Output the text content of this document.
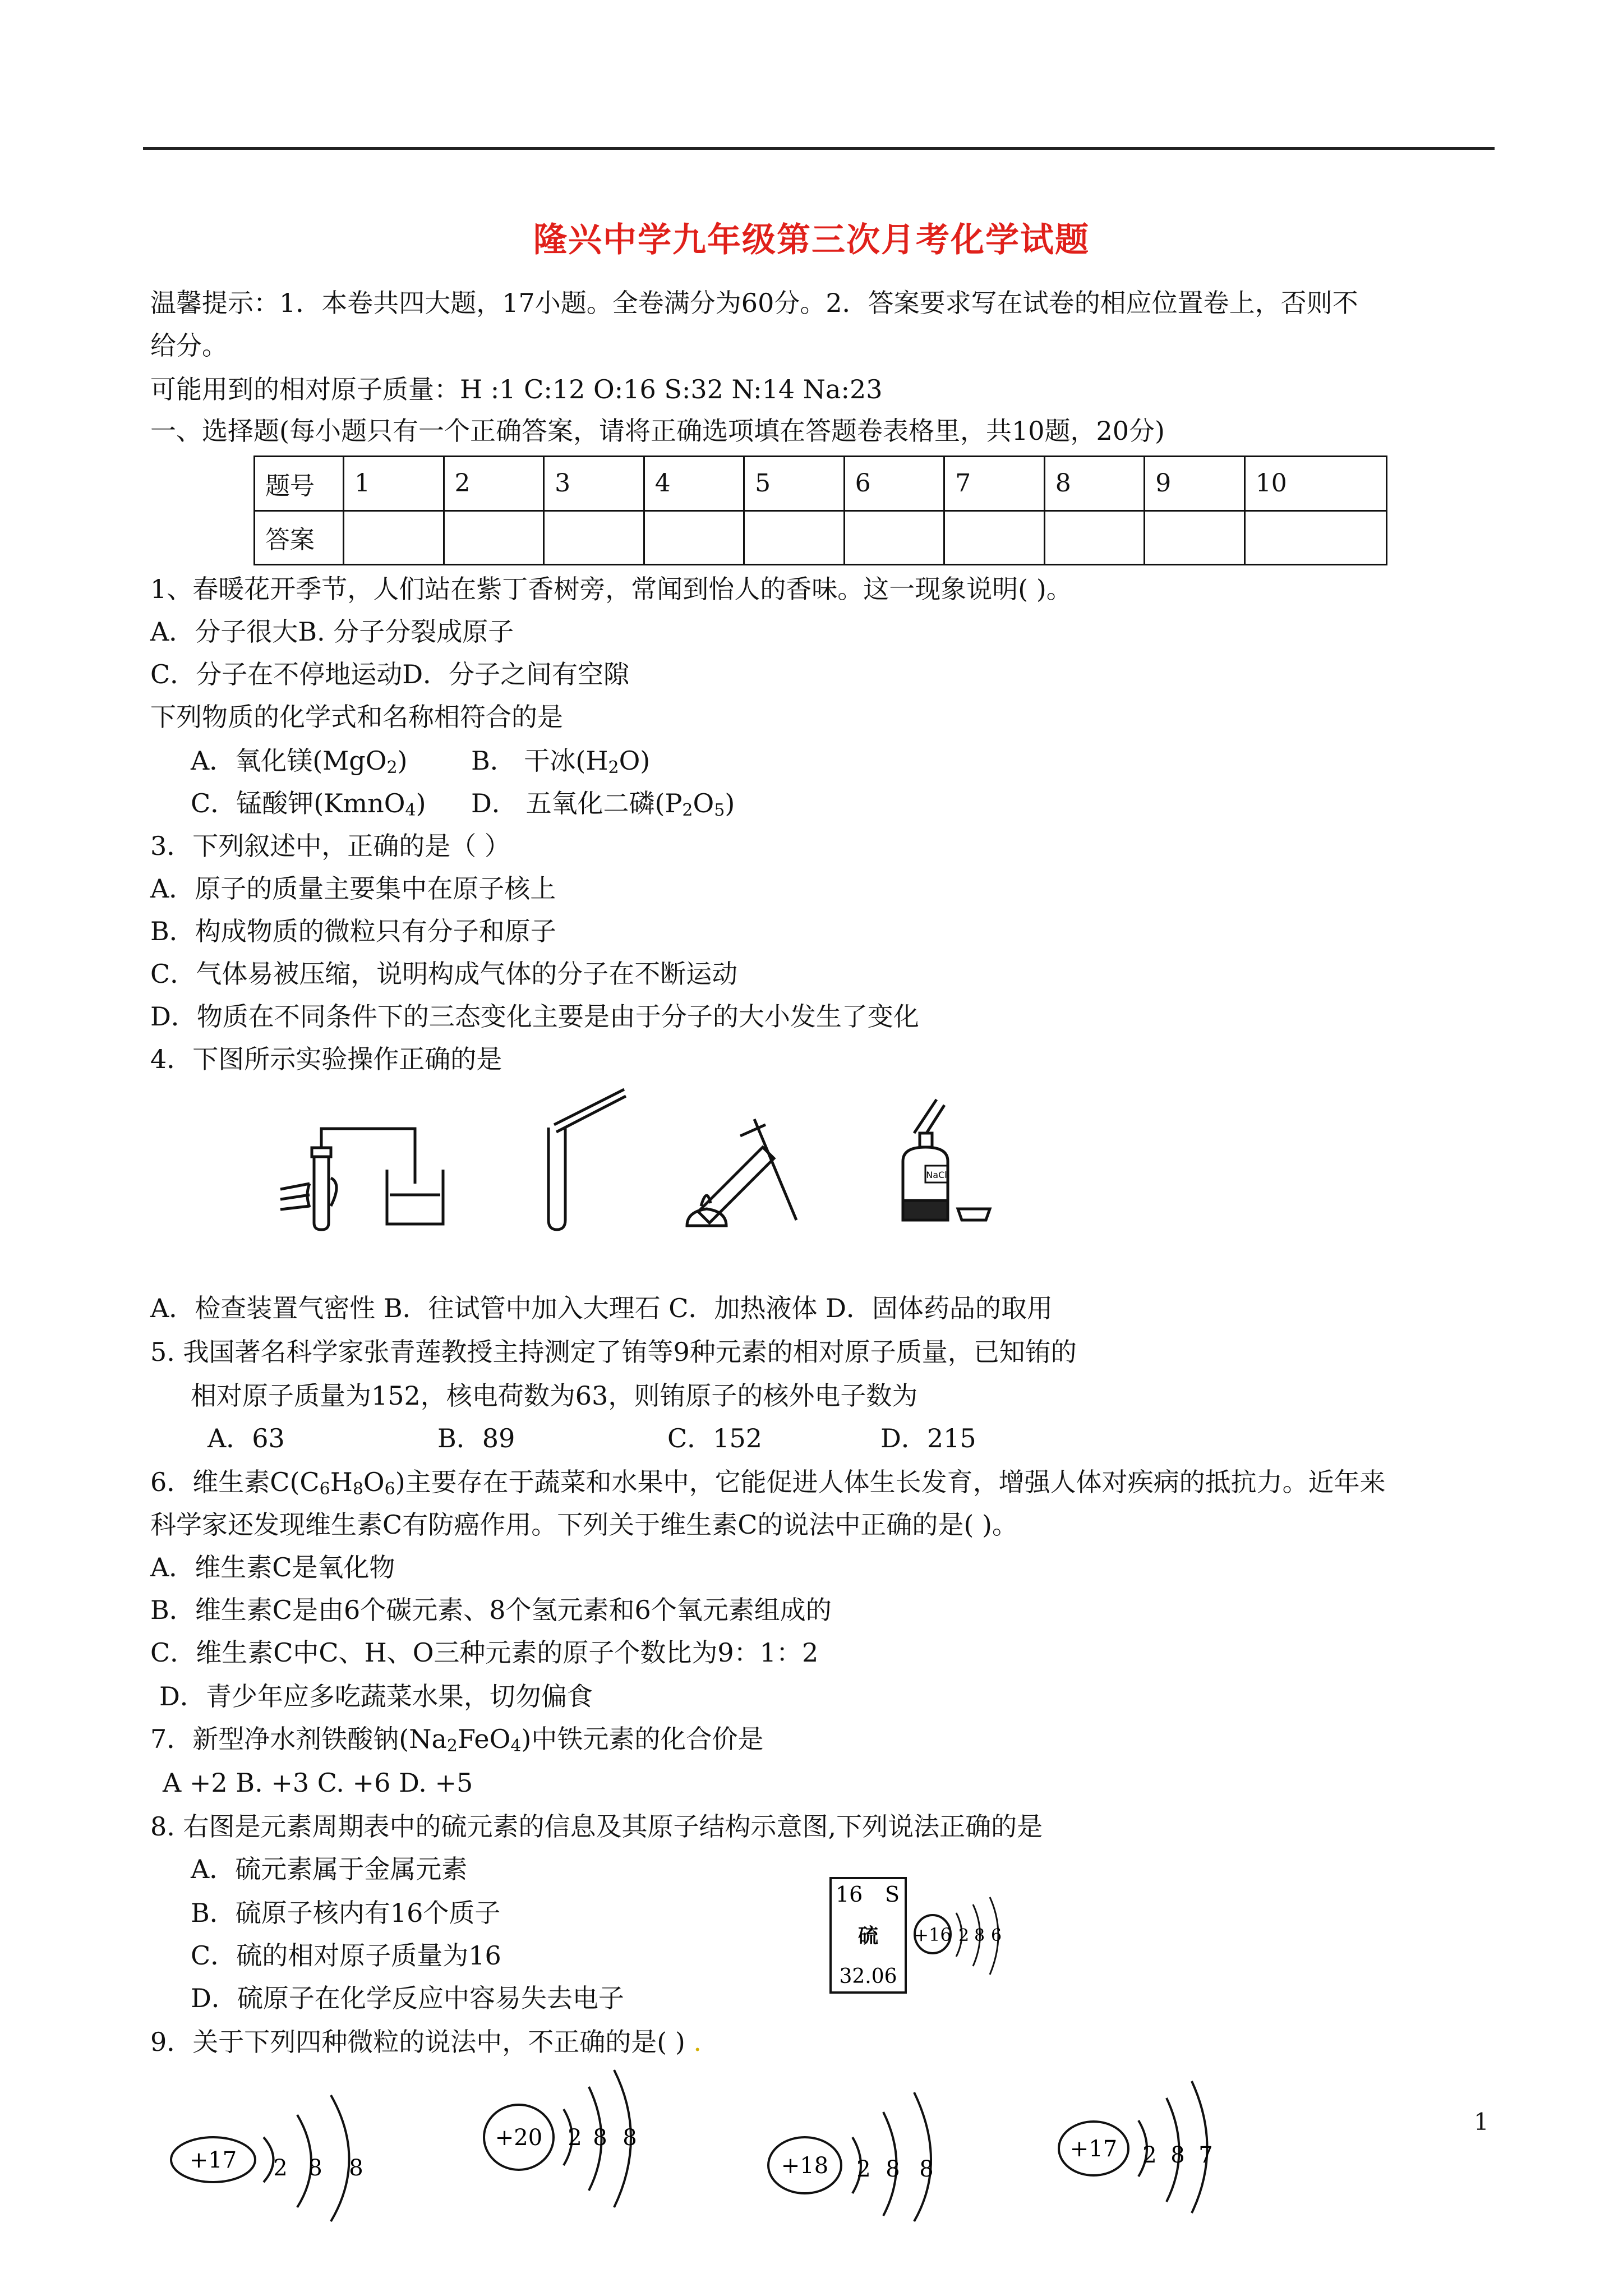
隆兴中学九年级第三次月考化学试题
温馨提示：1．本卷共四大题，17小题。全卷满分为60分。2．答案要求写在试卷的相应位置卷上，否则不
给分。
可能用到的相对原子质量：H :1 C:12 O:16 S:32 N:14 Na:23
一、选择题(每小题只有一个正确答案，请将正确选项填在答题卷表格里，共10题，20分)
题号	1	2	3	4	5	6	7	8	9	10
答案										
1、春暖花开季节，人们站在紫丁香树旁，常闻到怡人的香味。这一现象说明( )。
A．分子很大B. 分子分裂成原子
C．分子在不停地运动D．分子之间有空隙
下列物质的化学式和名称相符合的是
A．氧化镁(MgO$_2$) B． 干冰$(H_2O)$
C．锰酸钾(KmnO$_4$) D． 五氧化二磷$(P_2O_5)$
3．下列叙述中，正确的是（ ）
A．原子的质量主要集中在原子核上
B．构成物质的微粒只有分子和原子
C．气体易被压缩，说明构成气体的分子在不断运动
D．物质在不同条件下的三态变化主要是由于分子的大小发生了变化
4．下图所示实验操作正确的是
NaCl
A．检查装置气密性 B．往试管中加入大理石 C．加热液体 D．固体药品的取用
5. 我国著名科学家张青莲教授主持测定了铕等9种元素的相对原子质量，已知铕的
相对原子质量为152，核电荷数为63，则铕原子的核外电子数为
A．63	B．89	C．152	D．215
6．维生素$C(C_6H_8O_6)$主要存在于蔬菜和水果中，它能促进人体生长发育，增强人体对疾病的抵抗力。近年来
科学家还发现维生素C有防癌作用。下列关于维生素C的说法中正确的是( )。
A．维生素C是氧化物
B．维生素C是由6个碳元素、8个氢元素和6个氧元素组成的
C．维生素C中C、H、O三种元素的原子个数比为9：1：2
D．青少年应多吃蔬菜水果，切勿偏食
7．新型净水剂铁酸钠$(Na_2FeO_4)$中铁元素的化合价是
A +2 B. +3 C. +6 D. +5
8. 右图是元素周期表中的硫元素的信息及其原子结构示意图,下列说法正确的是
A．硫元素属于金属元素
B．硫原子核内有16个质子
C．硫的相对原子质量为16
D．硫原子在化学反应中容易失去电子
16 S
硫
32.06
+16 2 8 6
9．关于下列四种微粒的说法中，不正确的是( ) .
+17 2 8 8
+20 2 8 8
+18 2 8 8
+17 2 8 7
1
